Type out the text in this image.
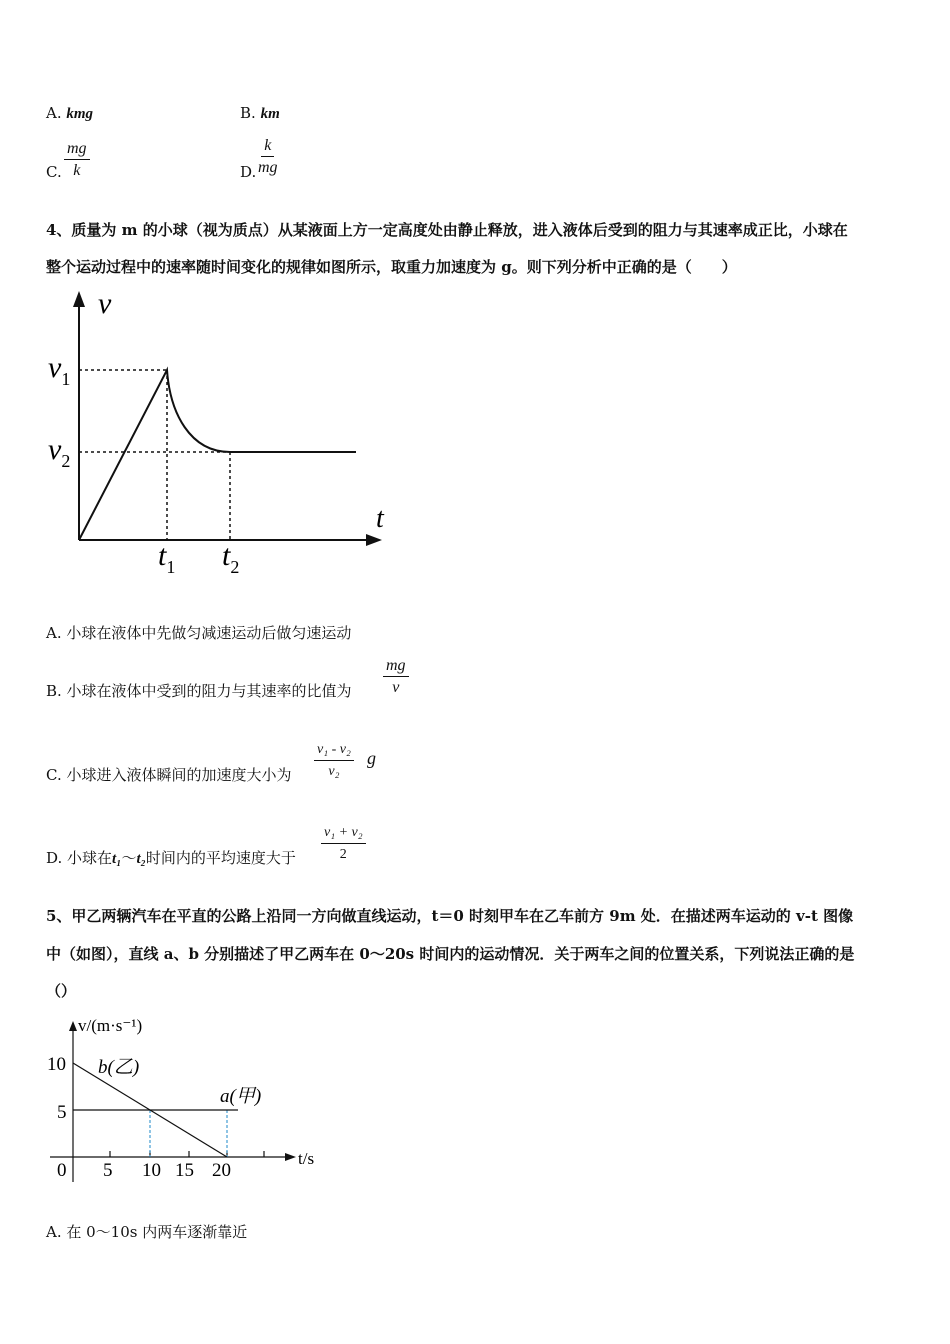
A. kmg	B. km
C. $\frac{mg}{k}$	D. $\frac{k}{mg}$
4、质量为 m 的小球（视为质点）从某液面上方一定高度处由静止释放，进入液体后受到的阻力与其速率成正比，小球在
整个运动过程中的速率随时间变化的规律如图所示，取重力加速度为 g。则下列分析中正确的是（　　）
v
t
$v_1$
$v_2$
$t_1$ $t_2$
A. 小球在液体中先做匀减速运动后做匀速运动
B. 小球在液体中受到的阻力与其速率的比值为 $\frac{mg}{v}$
C. 小球进入液体瞬间的加速度大小为 $\frac{\text{v₁ - v₂}}{\text{v₂}}$ g
D. 小球在t₁～t₂时间内的平均速度大于 $\frac{\text{v₁ + v₂}}{2}$
5、甲乙两辆汽车在平直的公路上沿同一方向做直线运动，t＝0 时刻甲车在乙车前方 9m 处．在描述两车运动的 v-t 图像
中（如图），直线 a、b 分别描述了甲乙两车在 0～20s 时间内的运动情况．关于两车之间的位置关系，下列说法正确的是
（）
v/(m·s⁻¹)
t/s
10
5
0 5 10 15 20
b(乙)
a(甲)
A. 在 0～10s 内两车逐渐靠近
